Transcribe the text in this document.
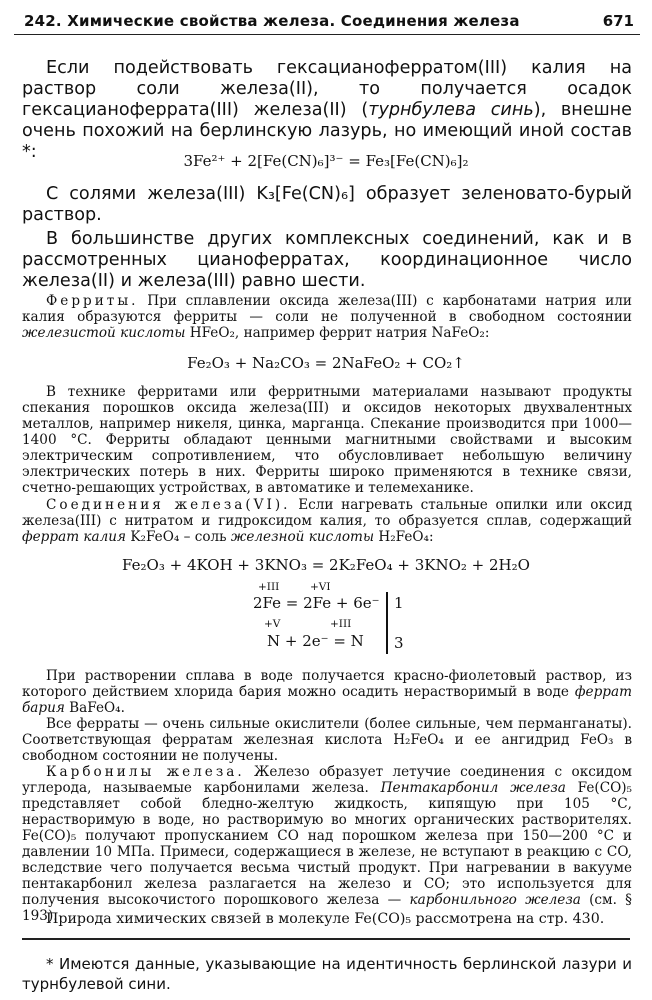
242. Химические свойства железа. Соединения железа	671

Если подействовать гексацианоферратом(III) калия на раствор соли железа(II), то получается осадок гексацианоферрата(III) железа(II) (турнбулева синь), внешне очень похожий на берлинскую лазурь, но имеющий иной состав *:	3Fe²⁺ + 2[Fe(CN)₆]³⁻ = Fe₃[Fe(CN)₆]₂

С солями железа(III) K₃[Fe(CN)₆] образует зеленовато-бурый раствор.

В большинстве других комплексных соединений, как и в рассмотренных цианоферратах, координационное число железа(II) и железа(III) равно шести.

Ферриты. При сплавлении оксида железа(III) с карбонатами натрия или калия образуются ферриты — соли не полученной в свободном состоянии железистой кислоты HFeO₂, например феррит натрия NaFeO₂:

Fe₂O₃ + Na₂CO₃ = 2NaFeO₂ + CO₂↑

В технике ферритами или ферритными материалами называют продукты спекания порошков оксида железа(III) и оксидов некоторых двухвалентных металлов, например никеля, цинка, марганца. Спекание производится при 1000—1400 °С. Ферриты обладают ценными магнитными свойствами и высоким электрическим сопротивлением, что обусловливает небольшую величину электрических потерь в них. Ферриты широко применяются в технике связи, счетно-решающих устройствах, в автоматике и телемеханике.

Соединения железа(VI). Если нагревать стальные опилки или оксид железа(III) с нитратом и гидроксидом калия, то образуется сплав, содержащий феррат калия K₂FeO₄ – соль железной кислоты H₂FeO₄:

Fe₂O₃ + 4KOH + 3KNO₃ = 2K₂FeO₄ + 3KNO₂ + 2H₂O

+III	+VI
2Fe = 2Fe + 6e⁻ 1
+V	+III
N + 2e⁻ = N 3

При растворении сплава в воде получается красно-фиолетовый раствор, из которого действием хлорида бария можно осадить нерастворимый в воде феррат бария BaFeO₄.

Все ферраты — очень сильные окислители (более сильные, чем перманганаты). Соответствующая ферратам железная кислота H₂FeO₄ и ее ангидрид FeO₃ в свободном состоянии не получены.

Карбонилы железа. Железо образует летучие соединения с оксидом углерода, называемые карбонилами железа. Пентакарбонил железа Fe(CO)₅ представляет собой бледно-желтую жидкость, кипящую при 105 °С, нерастворимую в воде, но растворимую во многих органических растворителях. Fe(CO)₅ получают пропусканием CO над порошком железа при 150—200 °С и давлении 10 МПа. Примеси, содержащиеся в железе, не вступают в реакцию с CO, вследствие чего получается весьма чистый продукт. При нагревании в вакууме пентакарбонил железа разлагается на железо и CO; это используется для получения высокочистого порошкового железа — карбонильного железа (см. § 193).

Природа химических связей в молекуле Fe(CO)₅ рассмотрена на стр. 430.

* Имеются данные, указывающие на идентичность берлинской лазури и турнбулевой сини.
